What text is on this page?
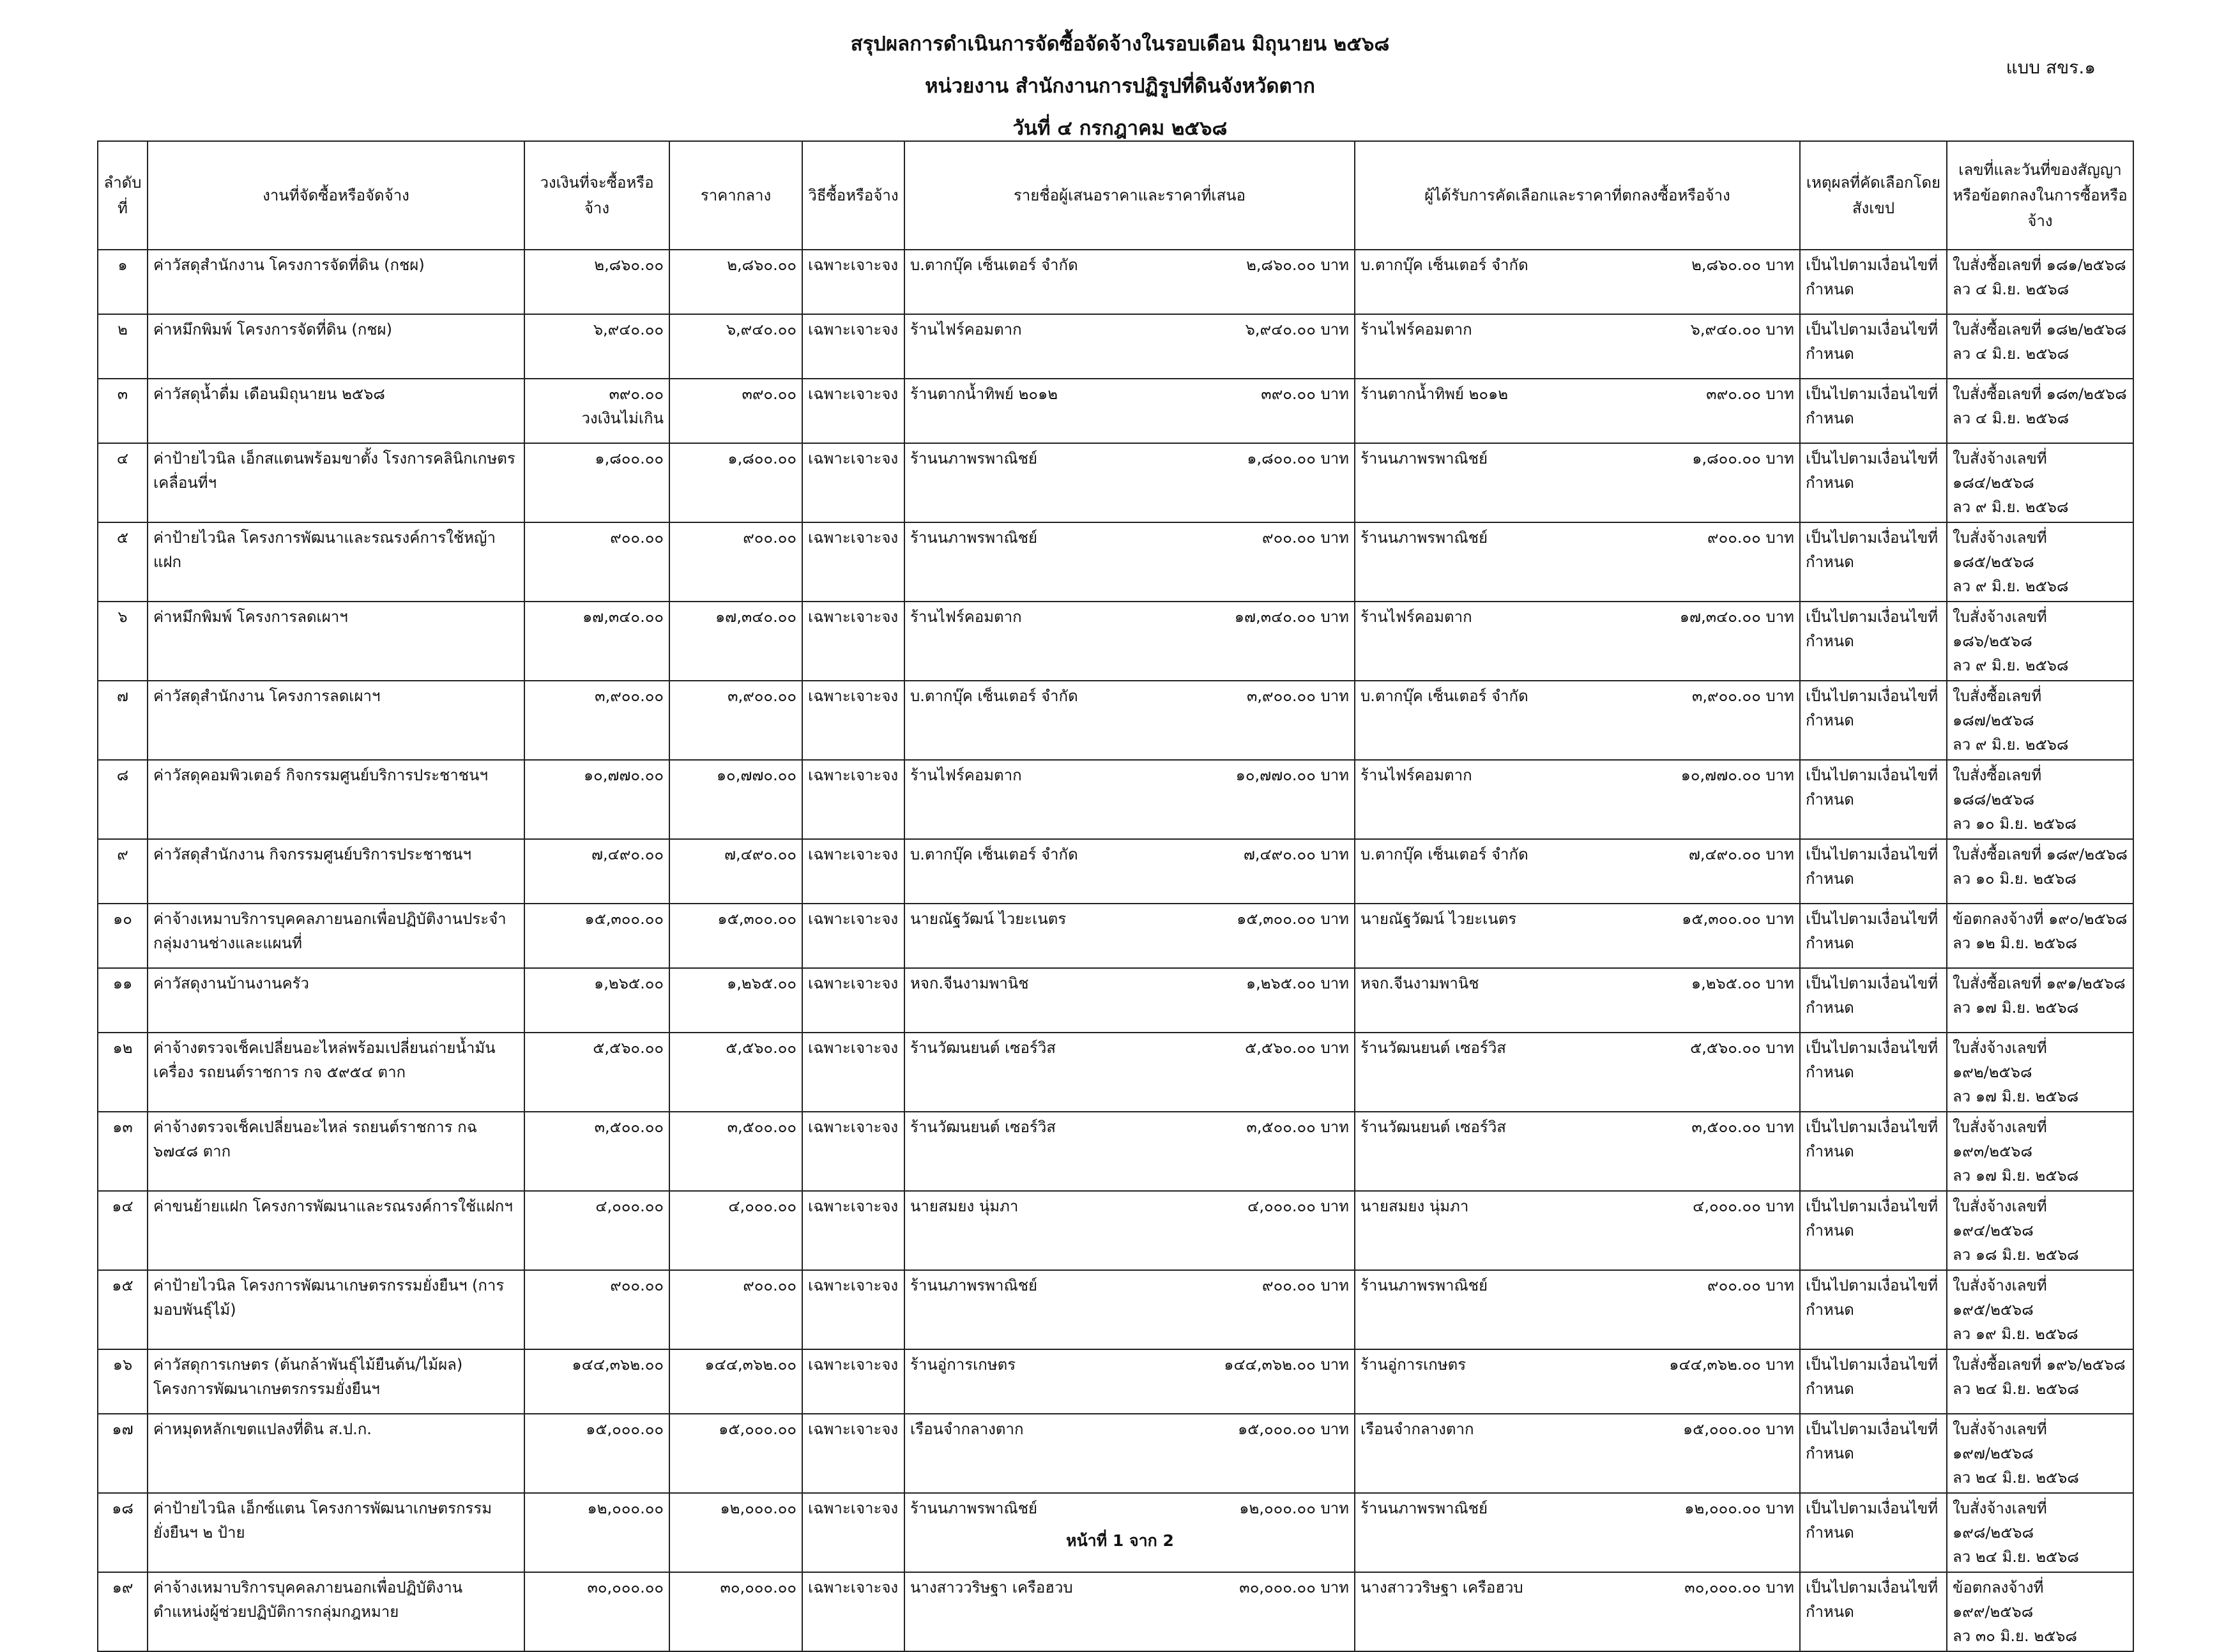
สรุปผลการดำเนินการจัดซื้อจัดจ้างในรอบเดือน มิถุนายน ๒๕๖๘
หน่วยงาน สำนักงานการปฏิรูปที่ดินจังหวัดตาก
วันที่ ๔ กรกฎาคม ๒๕๖๘
แบบ สขร.๑
ลำดับที่	งานที่จัดซื้อหรือจัดจ้าง	วงเงินที่จะซื้อหรือจ้าง	ราคากลาง	วิธีซื้อหรือจ้าง	รายชื่อผู้เสนอราคาและราคาที่เสนอ	ผู้ได้รับการคัดเลือกและราคาที่ตกลงซื้อหรือจ้าง	เหตุผลที่คัดเลือกโดยสังเขป	เลขที่และวันที่ของสัญญาหรือข้อตกลงในการซื้อหรือจ้าง
๑	ค่าวัสดุสำนักงาน โครงการจัดที่ดิน (กชผ)	๒,๘๖๐.๐๐	๒,๘๖๐.๐๐	เฉพาะเจาะจง	บ.ตากบุ๊ค เซ็นเตอร์ จำกัด ๒,๘๖๐.๐๐ บาท	บ.ตากบุ๊ค เซ็นเตอร์ จำกัด ๒,๘๖๐.๐๐ บาท	เป็นไปตามเงื่อนไขที่กำหนด	ใบสั่งซื้อเลขที่ ๑๘๑/๒๕๖๘
ลว ๔ มิ.ย. ๒๕๖๘

๒	ค่าหมึกพิมพ์ โครงการจัดที่ดิน (กชผ)	๖,๙๔๐.๐๐	๖,๙๔๐.๐๐	เฉพาะเจาะจง	ร้านไฟร์คอมตาก ๖,๙๔๐.๐๐ บาท	ร้านไฟร์คอมตาก ๖,๙๔๐.๐๐ บาท	เป็นไปตามเงื่อนไขที่กำหนด	ใบสั่งซื้อเลขที่ ๑๘๒/๒๕๖๘
ลว ๔ มิ.ย. ๒๕๖๘

๓	ค่าวัสดุน้ำดื่ม เดือนมิถุนายน ๒๕๖๘	๓๙๐.๐๐
วงเงินไม่เกิน	๓๙๐.๐๐	เฉพาะเจาะจง	ร้านตากน้ำทิพย์ ๒๐๑๒ ๓๙๐.๐๐ บาท	ร้านตากน้ำทิพย์ ๒๐๑๒ ๓๙๐.๐๐ บาท	เป็นไปตามเงื่อนไขที่กำหนด	ใบสั่งซื้อเลขที่ ๑๘๓/๒๕๖๘
ลว ๔ มิ.ย. ๒๕๖๘

๔	ค่าป้ายไวนิล เอ็กสแตนพร้อมขาตั้ง โรงการคลินิกเกษตรเคลื่อนที่ฯ	๑,๘๐๐.๐๐	๑,๘๐๐.๐๐	เฉพาะเจาะจง	ร้านนภาพรพาณิชย์ ๑,๘๐๐.๐๐ บาท	ร้านนภาพรพาณิชย์ ๑,๘๐๐.๐๐ บาท	เป็นไปตามเงื่อนไขที่กำหนด	ใบสั่งจ้างเลขที่ ๑๘๔/๒๕๖๘
ลว ๙ มิ.ย. ๒๕๖๘

๕	ค่าป้ายไวนิล โครงการพัฒนาและรณรงค์การใช้หญ้าแฝก	๙๐๐.๐๐	๙๐๐.๐๐	เฉพาะเจาะจง	ร้านนภาพรพาณิชย์ ๙๐๐.๐๐ บาท	ร้านนภาพรพาณิชย์ ๙๐๐.๐๐ บาท	เป็นไปตามเงื่อนไขที่กำหนด	ใบสั่งจ้างเลขที่ ๑๘๕/๒๕๖๘
ลว ๙ มิ.ย. ๒๕๖๘

๖	ค่าหมึกพิมพ์ โครงการลดเผาฯ	๑๗,๓๔๐.๐๐	๑๗,๓๔๐.๐๐	เฉพาะเจาะจง	ร้านไฟร์คอมตาก ๑๗,๓๔๐.๐๐ บาท	ร้านไฟร์คอมตาก ๑๗,๓๔๐.๐๐ บาท	เป็นไปตามเงื่อนไขที่กำหนด	ใบสั่งจ้างเลขที่ ๑๘๖/๒๕๖๘
ลว ๙ มิ.ย. ๒๕๖๘

๗	ค่าวัสดุสำนักงาน โครงการลดเผาฯ	๓,๙๐๐.๐๐	๓,๙๐๐.๐๐	เฉพาะเจาะจง	บ.ตากบุ๊ค เซ็นเตอร์ จำกัด ๓,๙๐๐.๐๐ บาท	บ.ตากบุ๊ค เซ็นเตอร์ จำกัด ๓,๙๐๐.๐๐ บาท	เป็นไปตามเงื่อนไขที่กำหนด	ใบสั่งซื้อเลขที่ ๑๘๗/๒๕๖๘
ลว ๙ มิ.ย. ๒๕๖๘

๘	ค่าวัสดุคอมพิวเตอร์ กิจกรรมศูนย์บริการประชาชนฯ	๑๐,๗๗๐.๐๐	๑๐,๗๗๐.๐๐	เฉพาะเจาะจง	ร้านไฟร์คอมตาก ๑๐,๗๗๐.๐๐ บาท	ร้านไฟร์คอมตาก ๑๐,๗๗๐.๐๐ บาท	เป็นไปตามเงื่อนไขที่กำหนด	ใบสั่งซื้อเลขที่ ๑๘๘/๒๕๖๘
ลว ๑๐ มิ.ย. ๒๕๖๘

๙	ค่าวัสดุสำนักงาน กิจกรรมศูนย์บริการประชาชนฯ	๗,๔๙๐.๐๐	๗,๔๙๐.๐๐	เฉพาะเจาะจง	บ.ตากบุ๊ค เซ็นเตอร์ จำกัด ๗,๔๙๐.๐๐ บาท	บ.ตากบุ๊ค เซ็นเตอร์ จำกัด ๗,๔๙๐.๐๐ บาท	เป็นไปตามเงื่อนไขที่กำหนด	ใบสั่งซื้อเลขที่ ๑๘๙/๒๕๖๘
ลว ๑๐ มิ.ย. ๒๕๖๘

๑๐	ค่าจ้างเหมาบริการบุคคลภายนอกเพื่อปฏิบัติงานประจำกลุ่มงานช่างและแผนที่	๑๕,๓๐๐.๐๐	๑๕,๓๐๐.๐๐	เฉพาะเจาะจง	นายณัฐวัฒน์ ไวยะเนตร ๑๕,๓๐๐.๐๐ บาท	นายณัฐวัฒน์ ไวยะเนตร ๑๕,๓๐๐.๐๐ บาท	เป็นไปตามเงื่อนไขที่กำหนด	ข้อตกลงจ้างที่ ๑๙๐/๒๕๖๘
ลว ๑๒ มิ.ย. ๒๕๖๘

๑๑	ค่าวัสดุงานบ้านงานครัว	๑,๒๖๕.๐๐	๑,๒๖๕.๐๐	เฉพาะเจาะจง	หจก.จีนงามพานิช ๑,๒๖๕.๐๐ บาท	หจก.จีนงามพานิช ๑,๒๖๕.๐๐ บาท	เป็นไปตามเงื่อนไขที่กำหนด	ใบสั่งซื้อเลขที่ ๑๙๑/๒๕๖๘
ลว ๑๗ มิ.ย. ๒๕๖๘

๑๒	ค่าจ้างตรวจเช็คเปลี่ยนอะไหล่พร้อมเปลี่ยนถ่ายน้ำมันเครื่อง รถยนต์ราชการ กจ ๕๙๕๔ ตาก	๕,๕๖๐.๐๐	๕,๕๖๐.๐๐	เฉพาะเจาะจง	ร้านวัฒนยนต์ เซอร์วิส ๕,๕๖๐.๐๐ บาท	ร้านวัฒนยนต์ เซอร์วิส ๕,๕๖๐.๐๐ บาท	เป็นไปตามเงื่อนไขที่กำหนด	ใบสั่งจ้างเลขที่ ๑๙๒/๒๕๖๘
ลว ๑๗ มิ.ย. ๒๕๖๘

๑๓	ค่าจ้างตรวจเช็คเปลี่ยนอะไหล่ รถยนต์ราชการ กฉ ๖๗๔๘ ตาก	๓,๕๐๐.๐๐	๓,๕๐๐.๐๐	เฉพาะเจาะจง	ร้านวัฒนยนต์ เซอร์วิส ๓,๕๐๐.๐๐ บาท	ร้านวัฒนยนต์ เซอร์วิส ๓,๕๐๐.๐๐ บาท	เป็นไปตามเงื่อนไขที่กำหนด	ใบสั่งจ้างเลขที่ ๑๙๓/๒๕๖๘
ลว ๑๗ มิ.ย. ๒๕๖๘

๑๔	ค่าขนย้ายแฝก โครงการพัฒนาและรณรงค์การใช้แฝกฯ	๔,๐๐๐.๐๐	๔,๐๐๐.๐๐	เฉพาะเจาะจง	นายสมยง นุ่มภา ๔,๐๐๐.๐๐ บาท	นายสมยง นุ่มภา ๔,๐๐๐.๐๐ บาท	เป็นไปตามเงื่อนไขที่กำหนด	ใบสั่งจ้างเลขที่ ๑๙๔/๒๕๖๘
ลว ๑๘ มิ.ย. ๒๕๖๘

๑๕	ค่าป้ายไวนิล โครงการพัฒนาเกษตรกรรมยั่งยืนฯ (การมอบพันธุ์ไม้)	๙๐๐.๐๐	๙๐๐.๐๐	เฉพาะเจาะจง	ร้านนภาพรพาณิชย์ ๙๐๐.๐๐ บาท	ร้านนภาพรพาณิชย์ ๙๐๐.๐๐ บาท	เป็นไปตามเงื่อนไขที่กำหนด	ใบสั่งจ้างเลขที่ ๑๙๕/๒๕๖๘
ลว ๑๙ มิ.ย. ๒๕๖๘

๑๖	ค่าวัสดุการเกษตร (ต้นกล้าพันธุ์ไม้ยืนต้น/ไม้ผล) โครงการพัฒนาเกษตรกรรมยั่งยืนฯ	๑๔๔,๓๖๒.๐๐	๑๔๔,๓๖๒.๐๐	เฉพาะเจาะจง	ร้านอู่การเกษตร ๑๔๔,๓๖๒.๐๐ บาท	ร้านอู่การเกษตร ๑๔๔,๓๖๒.๐๐ บาท	เป็นไปตามเงื่อนไขที่กำหนด	ใบสั่งซื้อเลขที่ ๑๙๖/๒๕๖๘
ลว ๒๔ มิ.ย. ๒๕๖๘

๑๗	ค่าหมุดหลักเขตแปลงที่ดิน ส.ป.ก.	๑๕,๐๐๐.๐๐	๑๕,๐๐๐.๐๐	เฉพาะเจาะจง	เรือนจำกลางตาก ๑๕,๐๐๐.๐๐ บาท	เรือนจำกลางตาก ๑๕,๐๐๐.๐๐ บาท	เป็นไปตามเงื่อนไขที่กำหนด	ใบสั่งจ้างเลขที่ ๑๙๗/๒๕๖๘
ลว ๒๔ มิ.ย. ๒๕๖๘

๑๘	ค่าป้ายไวนิล เอ็กซ์แตน โครงการพัฒนาเกษตรกรรมยั่งยืนฯ ๒ ป้าย	๑๒,๐๐๐.๐๐	๑๒,๐๐๐.๐๐	เฉพาะเจาะจง	ร้านนภาพรพาณิชย์ ๑๒,๐๐๐.๐๐ บาท	ร้านนภาพรพาณิชย์ ๑๒,๐๐๐.๐๐ บาท	เป็นไปตามเงื่อนไขที่กำหนด	ใบสั่งจ้างเลขที่ ๑๙๘/๒๕๖๘
ลว ๒๔ มิ.ย. ๒๕๖๘

๑๙	ค่าจ้างเหมาบริการบุคคลภายนอกเพื่อปฏิบัติงานตำแหน่งผู้ช่วยปฏิบัติการกลุ่มกฎหมาย	๓๐,๐๐๐.๐๐	๓๐,๐๐๐.๐๐	เฉพาะเจาะจง	นางสาววริษฐา เครือฮวบ ๓๐,๐๐๐.๐๐ บาท	นางสาววริษฐา เครือฮวบ ๓๐,๐๐๐.๐๐ บาท	เป็นไปตามเงื่อนไขที่กำหนด	ข้อตกลงจ้างที่ ๑๙๙/๒๕๖๘
ลว ๓๐ มิ.ย. ๒๕๖๘
หน้าที่ 1 จาก 2
